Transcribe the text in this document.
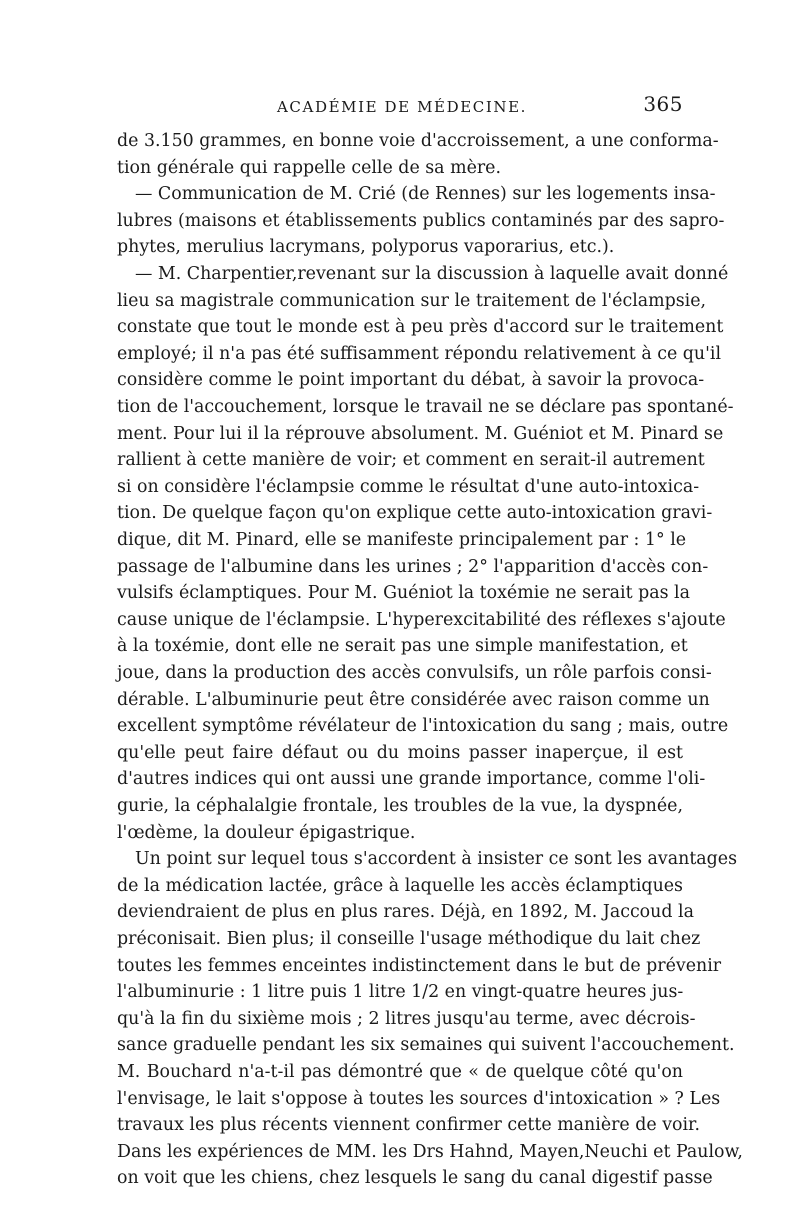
ACADÉMIE DE MÉDECINE.	365
de 3.150 grammes, en bonne voie d'accroissement, a une conforma-
tion générale qui rappelle celle de sa mère.
— Communication de M. Crié (de Rennes) sur les logements insa-
lubres (maisons et établissements publics contaminés par des sapro-
phytes, merulius lacrymans, polyporus vaporarius, etc.).
— M. Charpentier,revenant sur la discussion à laquelle avait donné
lieu sa magistrale communication sur le traitement de l'éclampsie,
constate que tout le monde est à peu près d'accord sur le traitement
employé; il n'a pas été suffisamment répondu relativement à ce qu'il
considère comme le point important du débat, à savoir la provoca-
tion de l'accouchement, lorsque le travail ne se déclare pas spontané-
ment. Pour lui il la réprouve absolument. M. Guéniot et M. Pinard se
rallient à cette manière de voir; et comment en serait-il autrement
si on considère l'éclampsie comme le résultat d'une auto-intoxica-
tion. De quelque façon qu'on explique cette auto-intoxication gravi-
dique, dit M. Pinard, elle se manifeste principalement par : 1° le
passage de l'albumine dans les urines ; 2° l'apparition d'accès con-
vulsifs éclamptiques. Pour M. Guéniot la toxémie ne serait pas la
cause unique de l'éclampsie. L'hyperexcitabilité des réflexes s'ajoute
à la toxémie, dont elle ne serait pas une simple manifestation, et
joue, dans la production des accès convulsifs, un rôle parfois consi-
dérable. L'albuminurie peut être considérée avec raison comme un
excellent symptôme révélateur de l'intoxication du sang ; mais, outre
qu'elle peut faire défaut ou du moins passer inaperçue, il est
d'autres indices qui ont aussi une grande importance, comme l'oli-
gurie, la céphalalgie frontale, les troubles de la vue, la dyspnée,
l'œdème, la douleur épigastrique.
Un point sur lequel tous s'accordent à insister ce sont les avantages
de la médication lactée, grâce à laquelle les accès éclamptiques
deviendraient de plus en plus rares. Déjà, en 1892, M. Jaccoud la
préconisait. Bien plus; il conseille l'usage méthodique du lait chez
toutes les femmes enceintes indistinctement dans le but de prévenir
l'albuminurie : 1 litre puis 1 litre 1/2 en vingt-quatre heures jus-
qu'à la fin du sixième mois ; 2 litres jusqu'au terme, avec décrois-
sance graduelle pendant les six semaines qui suivent l'accouchement.
M. Bouchard n'a-t-il pas démontré que « de quelque côté qu'on
l'envisage, le lait s'oppose à toutes les sources d'intoxication » ? Les
travaux les plus récents viennent confirmer cette manière de voir.
Dans les expériences de MM. les Drs Hahnd, Mayen,Neuchi et Paulow,
on voit que les chiens, chez lesquels le sang du canal digestif passe
